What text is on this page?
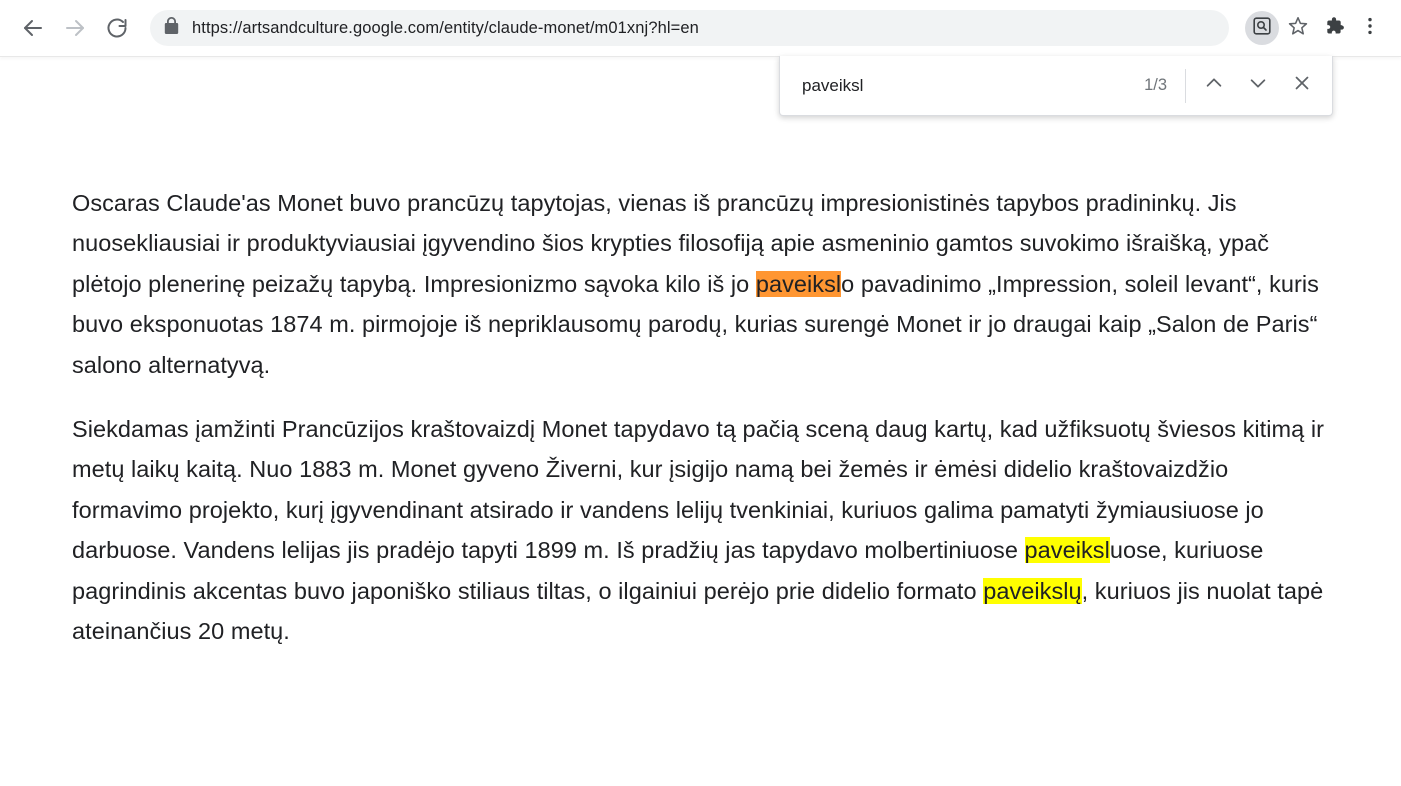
https://artsandculture.google.com/entity/claude-monet/m01xnj?hl=en
paveiksl
1/3

Oscaras Claude'as Monet buvo prancūzų tapytojas, vienas iš prancūzų impresionistinės tapybos pradininkų. Jis nuosekliausiai ir produktyviausiai įgyvendino šios krypties filosofiją apie asmeninio gamtos suvokimo išraišką, ypač plėtojo plenerinę peizažų tapybą. Impresionizmo sąvoka kilo iš jo paveikslo pavadinimo „Impression, soleil levant“, kuris buvo eksponuotas 1874 m. pirmojoje iš nepriklausomų parodų, kurias surengė Monet ir jo draugai kaip „Salon de Paris“ salono alternatyvą.

Siekdamas įamžinti Prancūzijos kraštovaizdį Monet tapydavo tą pačią sceną daug kartų, kad užfiksuotų šviesos kitimą ir metų laikų kaitą. Nuo 1883 m. Monet gyveno Živerni, kur įsigijo namą bei žemės ir ėmėsi didelio kraštovaizdžio formavimo projekto, kurį įgyvendinant atsirado ir vandens lelijų tvenkiniai, kuriuos galima pamatyti žymiausiuose jo darbuose. Vandens lelijas jis pradėjo tapyti 1899 m. Iš pradžių jas tapydavo molbertiniuose paveiksluose, kuriuose pagrindinis akcentas buvo japoniško stiliaus tiltas, o ilgainiui perėjo prie didelio formato paveikslų, kuriuos jis nuolat tapė ateinančius 20 metų.
